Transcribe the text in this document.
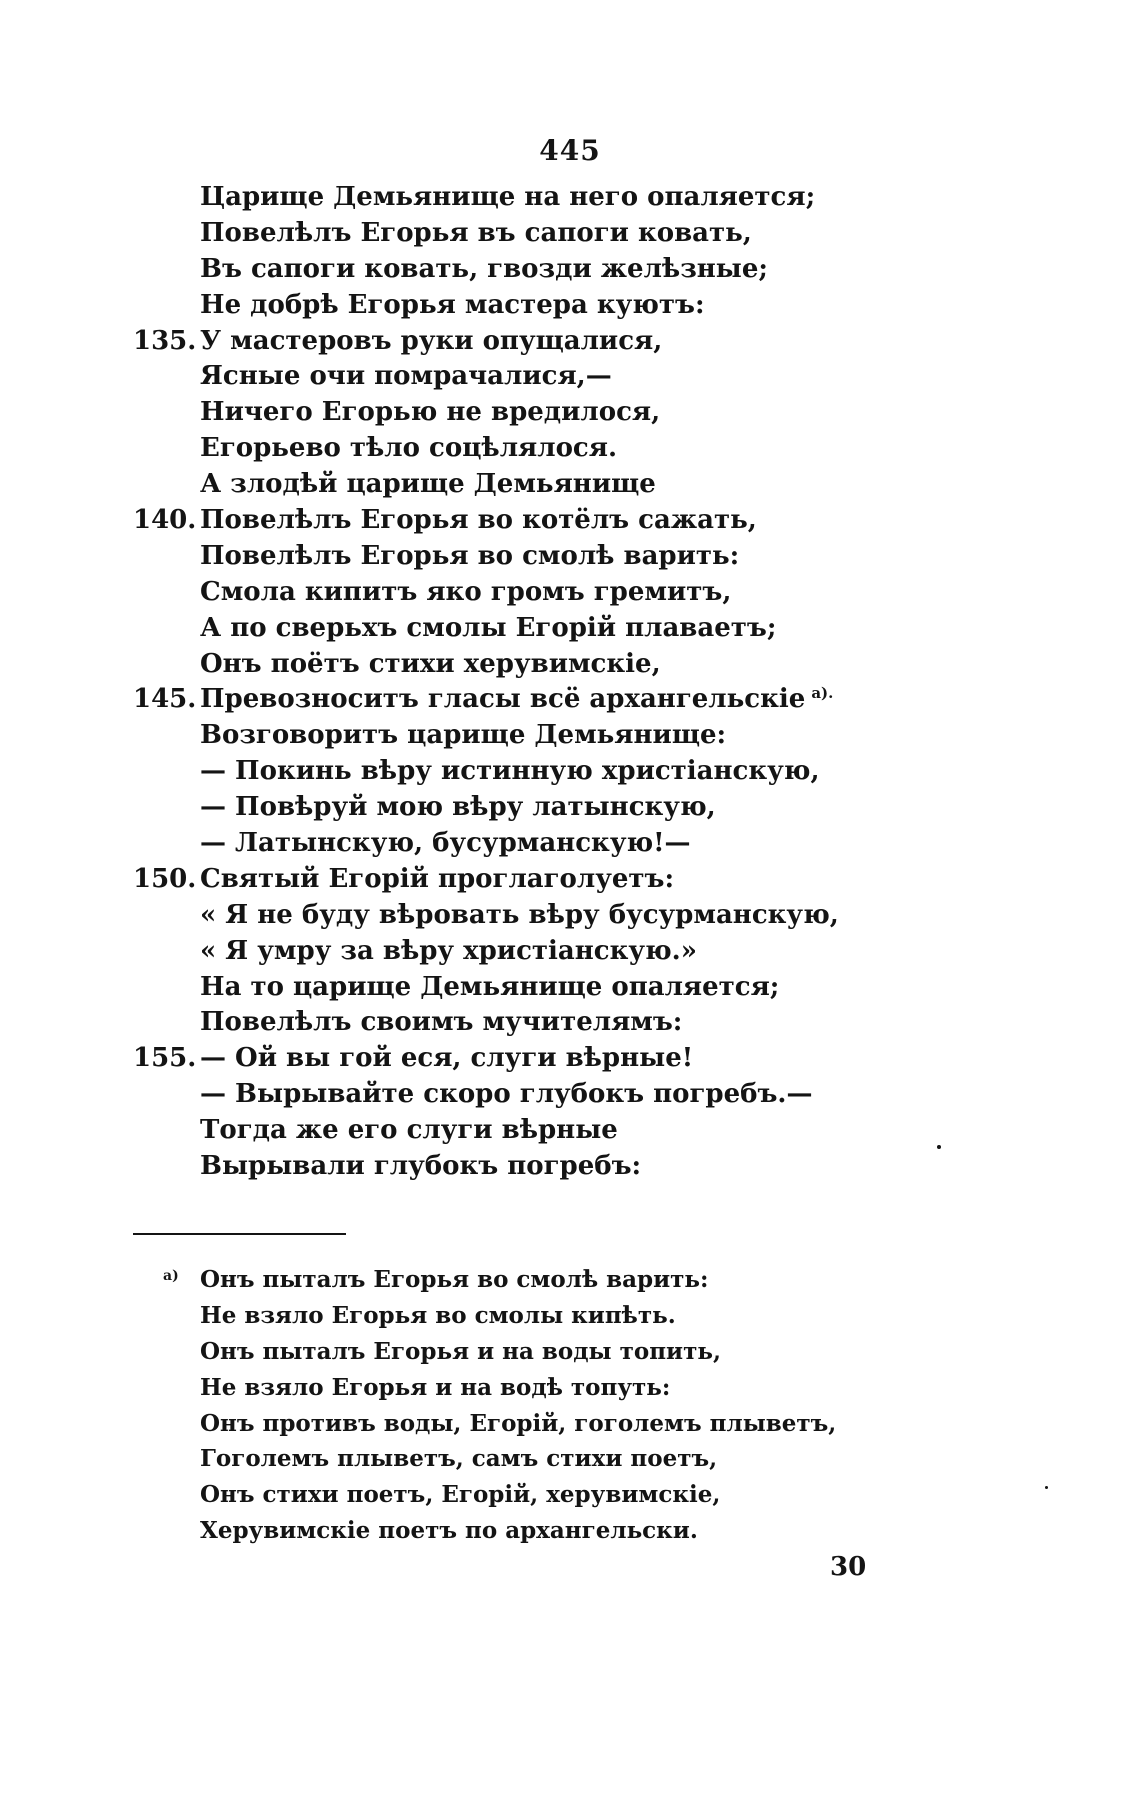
445
Царище Демьянище на него опаляется;
Повелѣлъ Егорья въ сапоги ковать,
Въ сапоги ковать, гвозди желѣзные;
Не добрѣ Егорья мастера куютъ:
135. У мастеровъ руки опущалися,
Ясные очи помрачалися,—
Ничего Егорью не вредилося,
Егорьево тѣло соцѣлялося.
А злодѣй царище Демьянище
140. Повелѣлъ Егорья во котёлъ сажать,
Повелѣлъ Егорья во смолѣ варить:
Смола кипитъ яко громъ гремитъ,
А по сверьхъ смолы Егорій плаваетъ;
Онъ поётъ стихи херувимскіе,
145. Превозноситъ гласы всё архангельскіе $^{а).}$
Возговоритъ царище Демьянище:
— Покинь вѣру истинную христіанскую,
— Повѣруй мою вѣру латынскую,
— Латынскую, бусурманскую!—
150. Святый Егорій проглаголуетъ:
« Я не буду вѣровать вѣру бусурманскую,
« Я умру за вѣру христіанскую.»
На то царище Демьянище опаляется;
Повелѣлъ своимъ мучителямъ:
155. — Ой вы гой еся, слуги вѣрные!
— Вырывайте скоро глубокъ погребъ.—
Тогда же его слуги вѣрные
Вырывали глубокъ погребъ:
а) Онъ пыталъ Егорья во смолѣ варить:
Не взяло Егорья во смолы кипѣть.
Онъ пыталъ Егорья и на воды топить,
Не взяло Егорья и на водѣ топуть:
Онъ противъ воды, Егорій, гоголемъ плыветъ,
Гоголемъ плыветъ, самъ стихи поетъ,
Онъ стихи поетъ, Егорій, херувимскіе,
Херувимскіе поетъ по архангельски.
30
